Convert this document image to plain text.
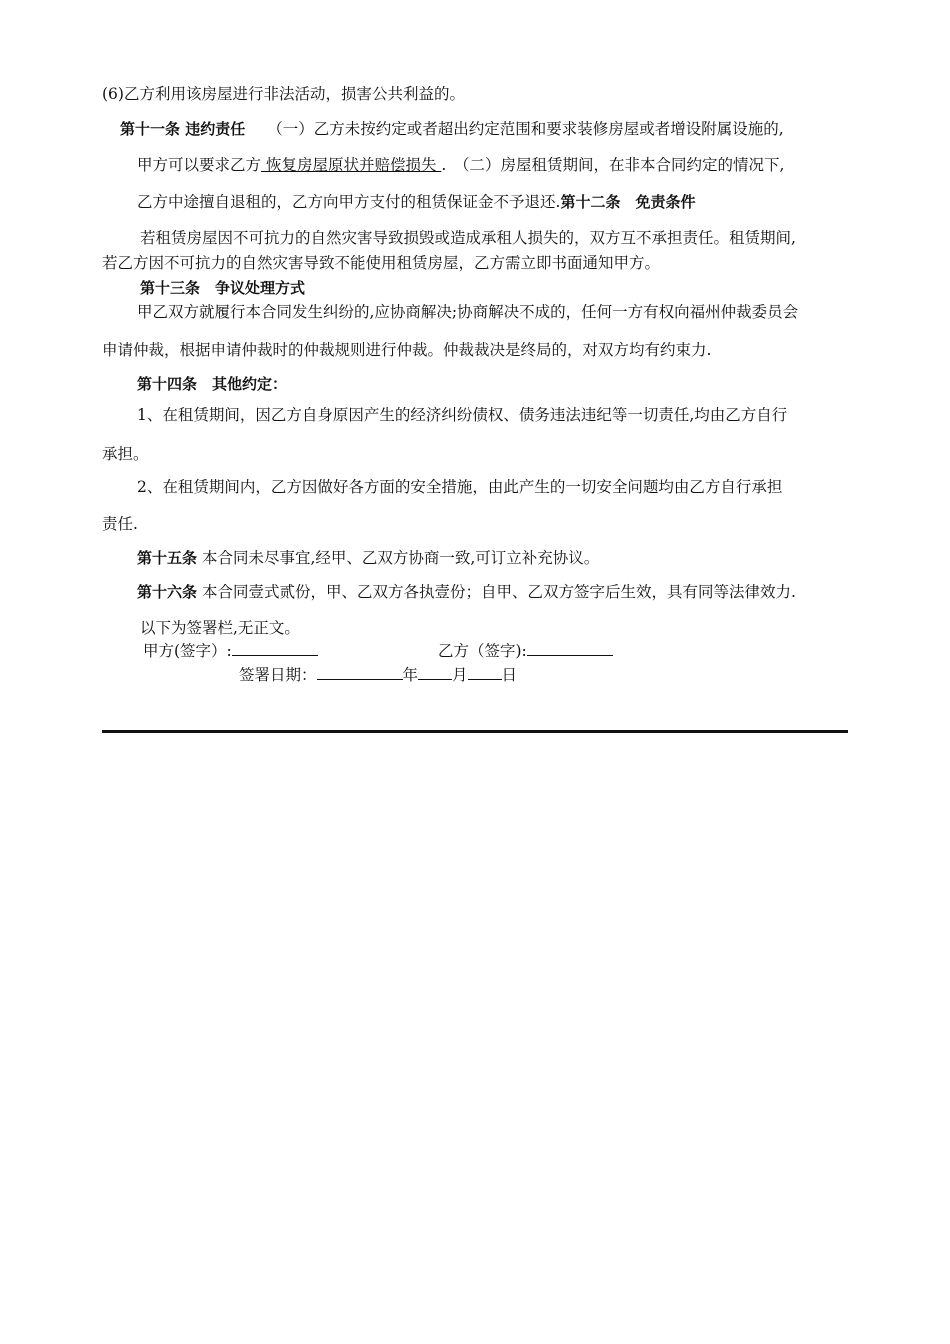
(6)乙方利用该房屋进行非法活动，损害公共利益的。
第十一条 违约责任 （一）乙方未按约定或者超出约定范围和要求装修房屋或者增设附属设施的,
甲方可以要求乙方 恢复房屋原状并赔偿损失 .　（二）房屋租赁期间，在非本合同约定的情况下,
乙方中途擅自退租的，乙方向甲方支付的租赁保证金不予退还.第十二条　免责条件
若租赁房屋因不可抗力的自然灾害导致损毁或造成承租人损失的，双方互不承担责任。租赁期间,
若乙方因不可抗力的自然灾害导致不能使用租赁房屋，乙方需立即书面通知甲方。
第十三条　争议处理方式
甲乙双方就履行本合同发生纠纷的,应协商解决;协商解决不成的，任何一方有权向福州仲裁委员会
申请仲裁，根据申请仲裁时的仲裁规则进行仲裁。仲裁裁决是终局的，对双方均有约束力.
第十四条　其他约定：
1、在租赁期间，因乙方自身原因产生的经济纠纷债权、债务违法违纪等一切责任,均由乙方自行
承担。
2、在租赁期间内，乙方因做好各方面的安全措施，由此产生的一切安全问题均由乙方自行承担
责任.
第十五条 本合同未尽事宜,经甲、乙双方协商一致,可订立补充协议。
第十六条 本合同壹式贰份，甲、乙双方各执壹份；自甲、乙双方签字后生效，具有同等法律效力.
以下为签署栏,无正文。
甲方(签字）:	乙方（签字):
签署日期：	年 月 日
